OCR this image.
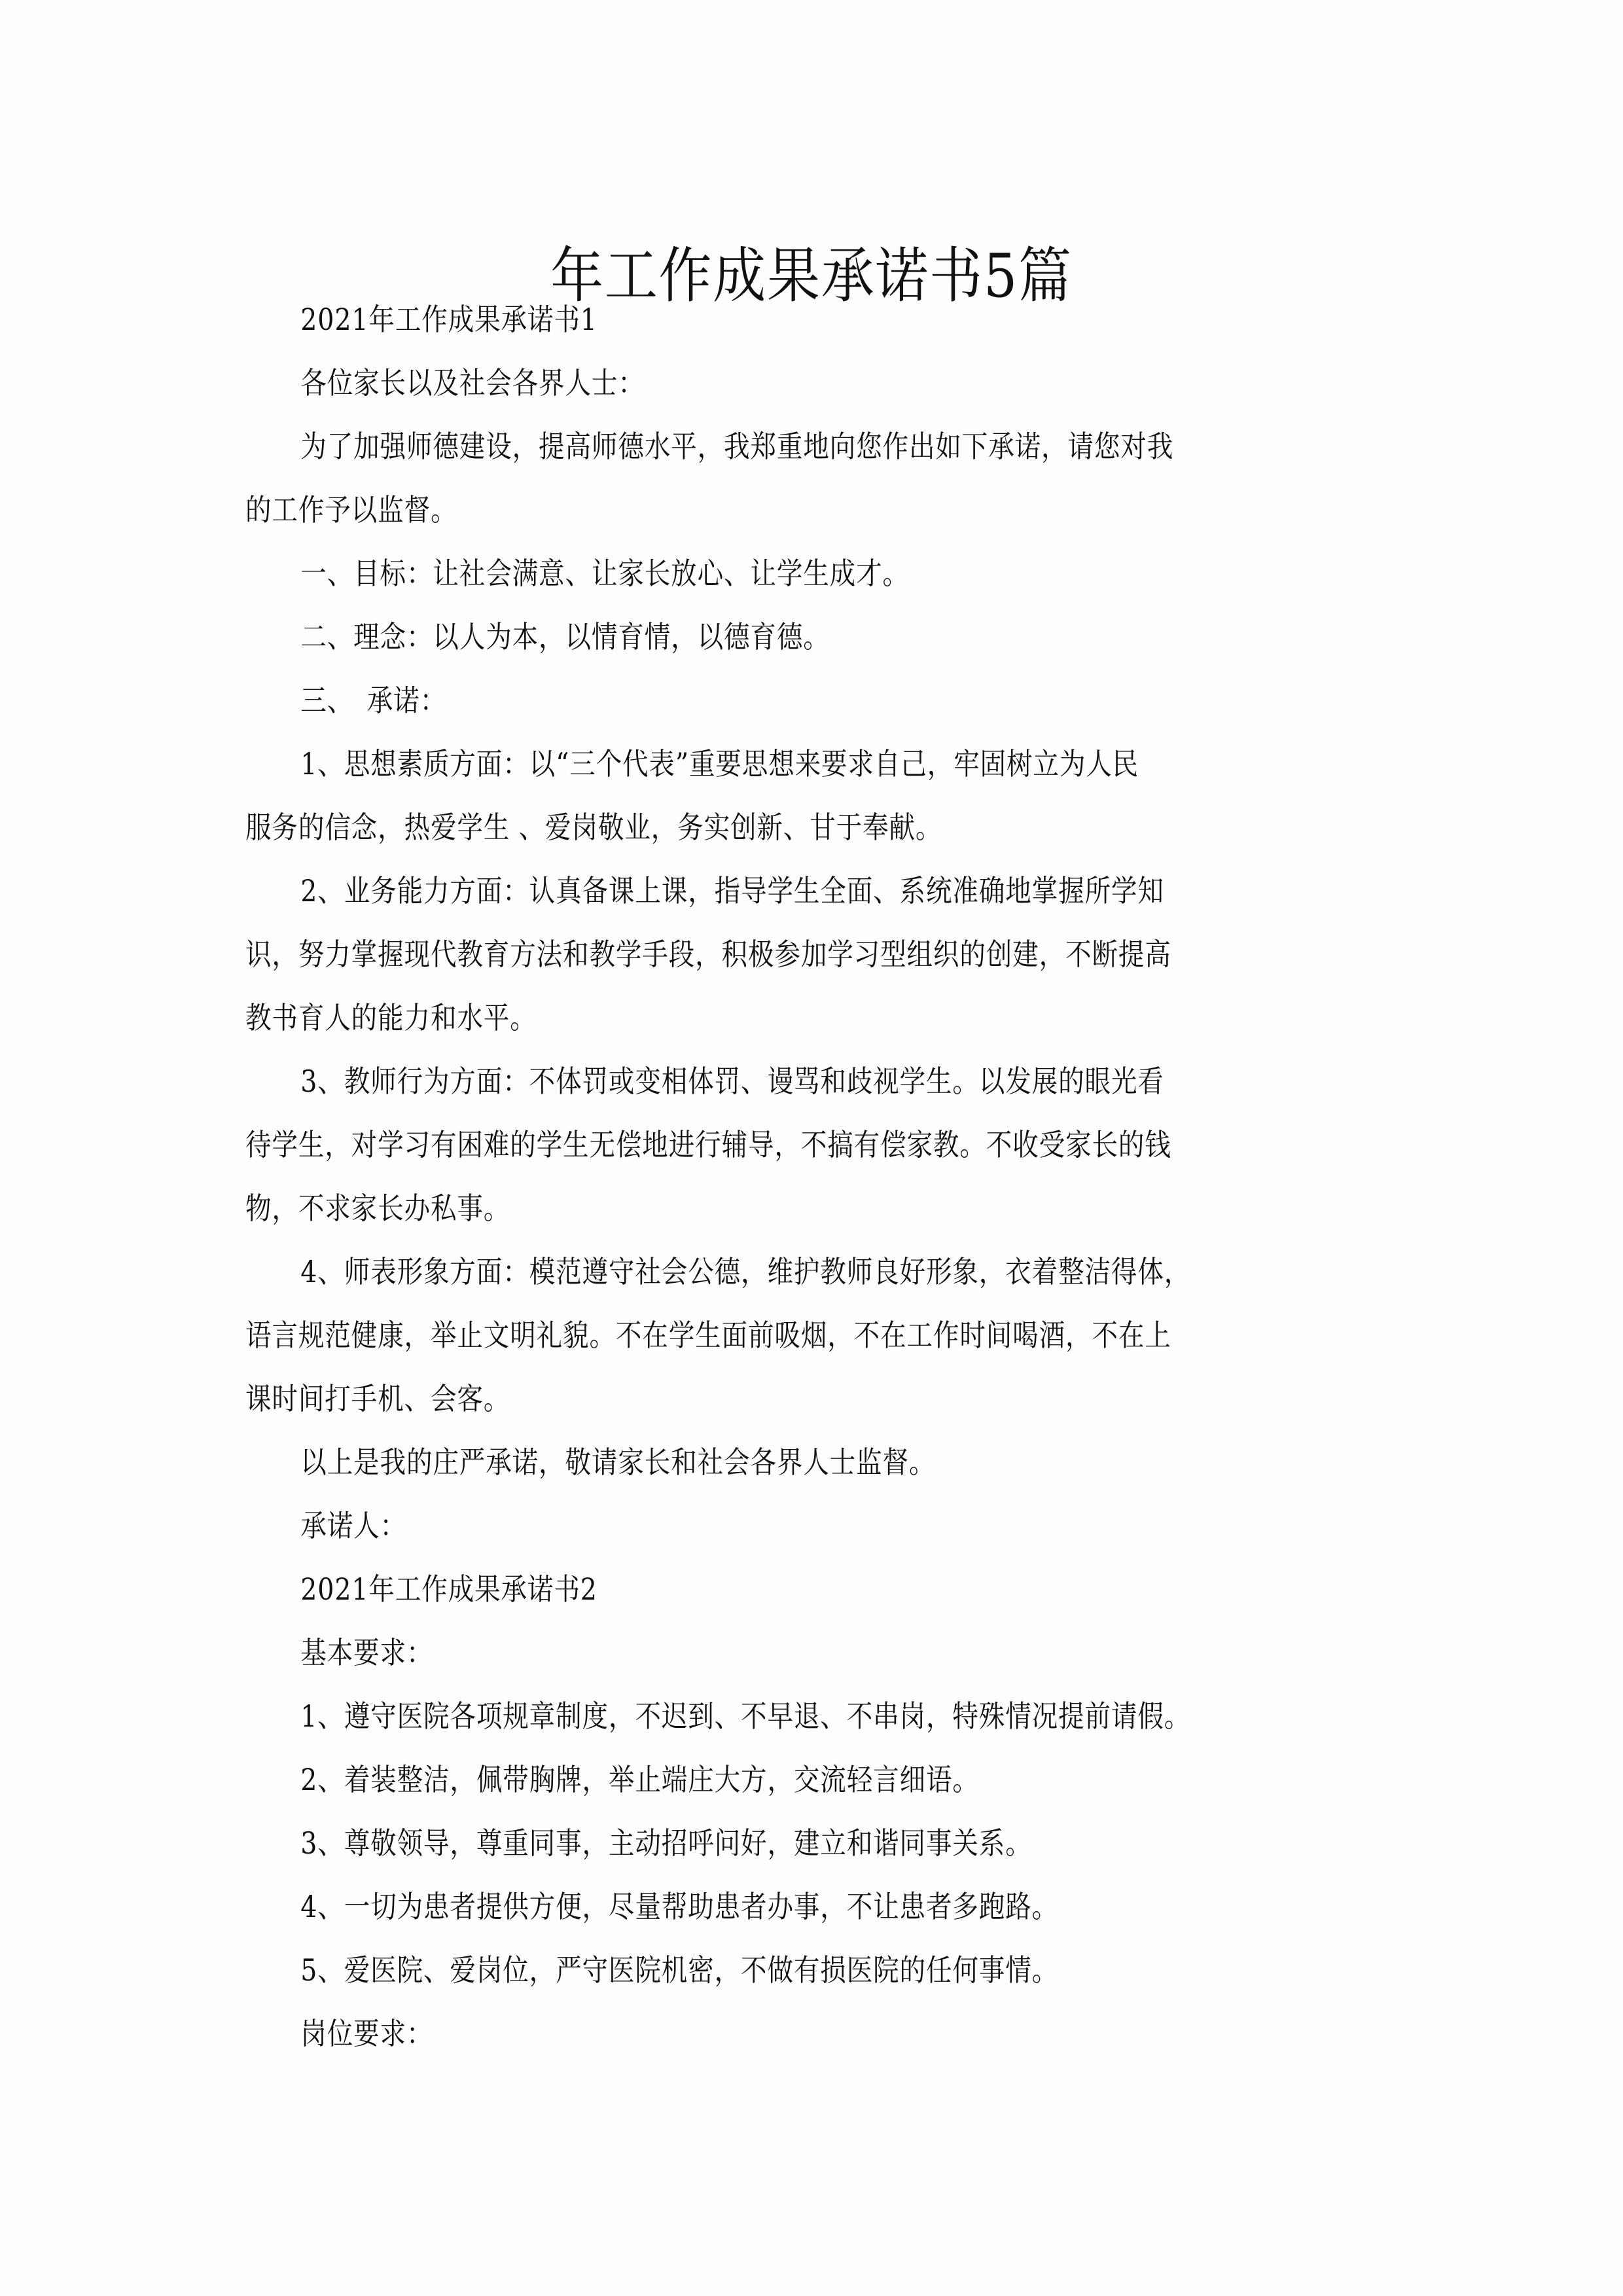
年工作成果承诺书5篇
2021年工作成果承诺书1
各位家长以及社会各界人士：
为了加强师德建设，提高师德水平，我郑重地向您作出如下承诺，请您对我
的工作予以监督。
一、目标：让社会满意、让家长放心、让学生成才。
二、理念：以人为本，以情育情，以德育德。
三、　承诺：
1、思想素质方面：以“三个代表”重要思想来要求自己，牢固树立为人民
服务的信念，热爱学生 、爱岗敬业，务实创新、甘于奉献。
2、业务能力方面：认真备课上课，指导学生全面、系统准确地掌握所学知
识，努力掌握现代教育方法和教学手段，积极参加学习型组织的创建，不断提高
教书育人的能力和水平。
3、教师行为方面：不体罚或变相体罚、谩骂和歧视学生。以发展的眼光看
待学生，对学习有困难的学生无偿地进行辅导，不搞有偿家教。不收受家长的钱
物，不求家长办私事。
4、师表形象方面：模范遵守社会公德，维护教师良好形象，衣着整洁得体，
语言规范健康，举止文明礼貌。不在学生面前吸烟，不在工作时间喝酒，不在上
课时间打手机、会客。
以上是我的庄严承诺，敬请家长和社会各界人士监督。
承诺人：
2021年工作成果承诺书2
基本要求：
1、遵守医院各项规章制度，不迟到、不早退、不串岗，特殊情况提前请假。
2、着装整洁，佩带胸牌，举止端庄大方，交流轻言细语。
3、尊敬领导，尊重同事，主动招呼问好，建立和谐同事关系。
4、一切为患者提供方便，尽量帮助患者办事，不让患者多跑路。
5、爱医院、爱岗位，严守医院机密，不做有损医院的任何事情。
岗位要求：
